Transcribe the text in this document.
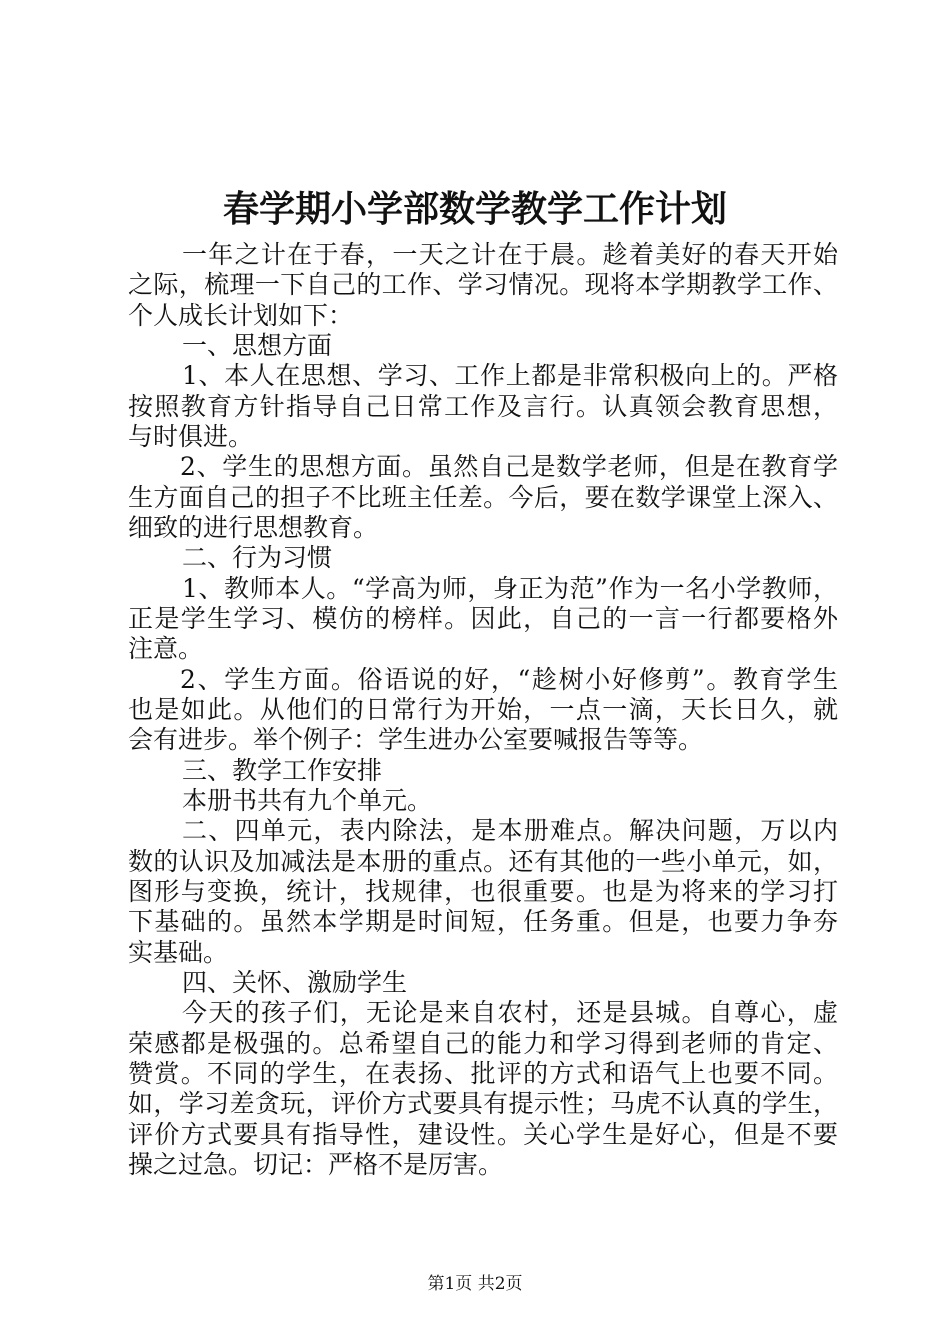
春学期小学部数学教学工作计划
一年之计在于春，一天之计在于晨。趁着美好的春天开始
之际，梳理一下自己的工作、学习情况。现将本学期教学工作、
个人成长计划如下：
一、思想方面
1、本人在思想、学习、工作上都是非常积极向上的。严格
按照教育方针指导自己日常工作及言行。认真领会教育思想，
与时俱进。
2、学生的思想方面。虽然自己是数学老师，但是在教育学
生方面自己的担子不比班主任差。今后，要在数学课堂上深入、
细致的进行思想教育。
二、行为习惯
1、教师本人。“学高为师，身正为范”作为一名小学教师，
正是学生学习、模仿的榜样。因此，自己的一言一行都要格外
注意。
2、学生方面。俗语说的好，“趁树小好修剪”。教育学生
也是如此。从他们的日常行为开始，一点一滴，天长日久，就
会有进步。举个例子：学生进办公室要喊报告等等。
三、教学工作安排
本册书共有九个单元。
二、四单元，表内除法，是本册难点。解决问题，万以内
数的认识及加减法是本册的重点。还有其他的一些小单元，如，
图形与变换，统计，找规律，也很重要。也是为将来的学习打
下基础的。虽然本学期是时间短，任务重。但是，也要力争夯
实基础。
四、关怀、激励学生
今天的孩子们，无论是来自农村，还是县城。自尊心，虚
荣感都是极强的。总希望自己的能力和学习得到老师的肯定、
赞赏。不同的学生，在表扬、批评的方式和语气上也要不同。
如，学习差贪玩，评价方式要具有提示性；马虎不认真的学生，
评价方式要具有指导性，建设性。关心学生是好心，但是不要
操之过急。切记：严格不是厉害。
第1页 共2页
